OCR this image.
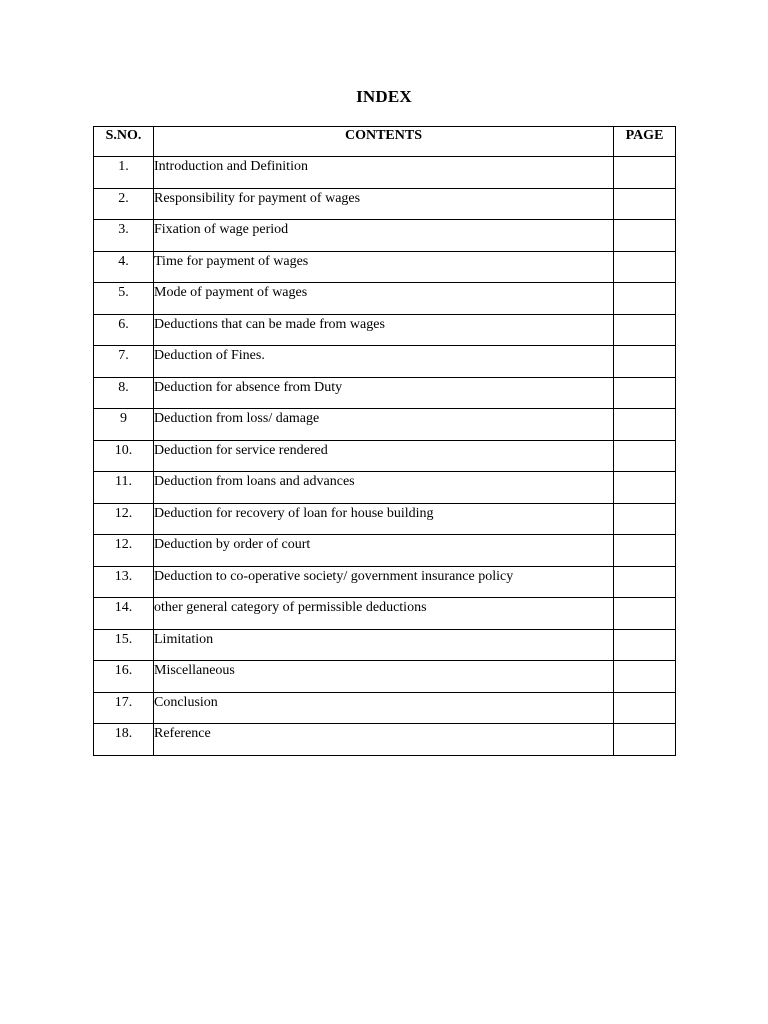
INDEX
S.NO.	CONTENTS	PAGE
1.	Introduction and Definition	
2.	Responsibility for payment of wages	
3.	Fixation of wage period	
4.	Time for payment of wages	
5.	Mode of payment of wages	
6.	Deductions that can be made from wages	
7.	Deduction of Fines.	
8.	Deduction for absence from Duty	
9	Deduction from loss/ damage	
10.	Deduction for service rendered	
11.	Deduction from loans and advances	
12.	Deduction for recovery of loan for house building	
12.	Deduction by order of court	
13.	Deduction to co-operative society/ government insurance policy	
14.	other general category of permissible deductions	
15.	Limitation	
16.	Miscellaneous	
17.	Conclusion	
18.	Reference	
